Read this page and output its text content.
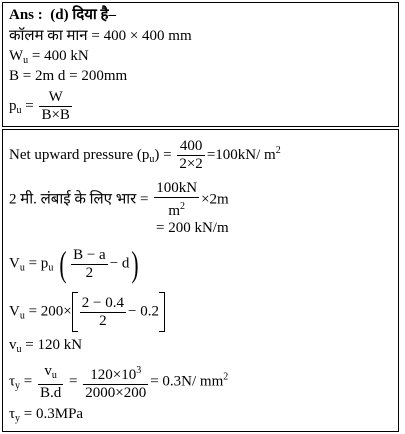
Ans : (d) दिया है–
कॉलम का मान = 400 × 400 mm
$W_u = 400$ kN
B = 2m d = 200mm
$p_u = \frac{W}{B\times B}$
Net upward pressure $(p_u) = \frac{400}{2\times 2} =100kN/$ $m^2$
2 मी. लंबाई के लिए भार = $\frac{100kN}{m^2} \times 2m$
= 200 kN/m
$V_u = p_u$ ( $\frac{B - a}{2} - d$)
$V_u = 200\times \frac{2 - 0.4}{2} - 0.2$
$v_u = 120$ kN
$\tau_y = \frac{v_u}{B.d} = \frac{120\times 10^3}{2000\times 200} = 0.3N/$ $mm^2$
$\tau_y = 0.3MPa$
